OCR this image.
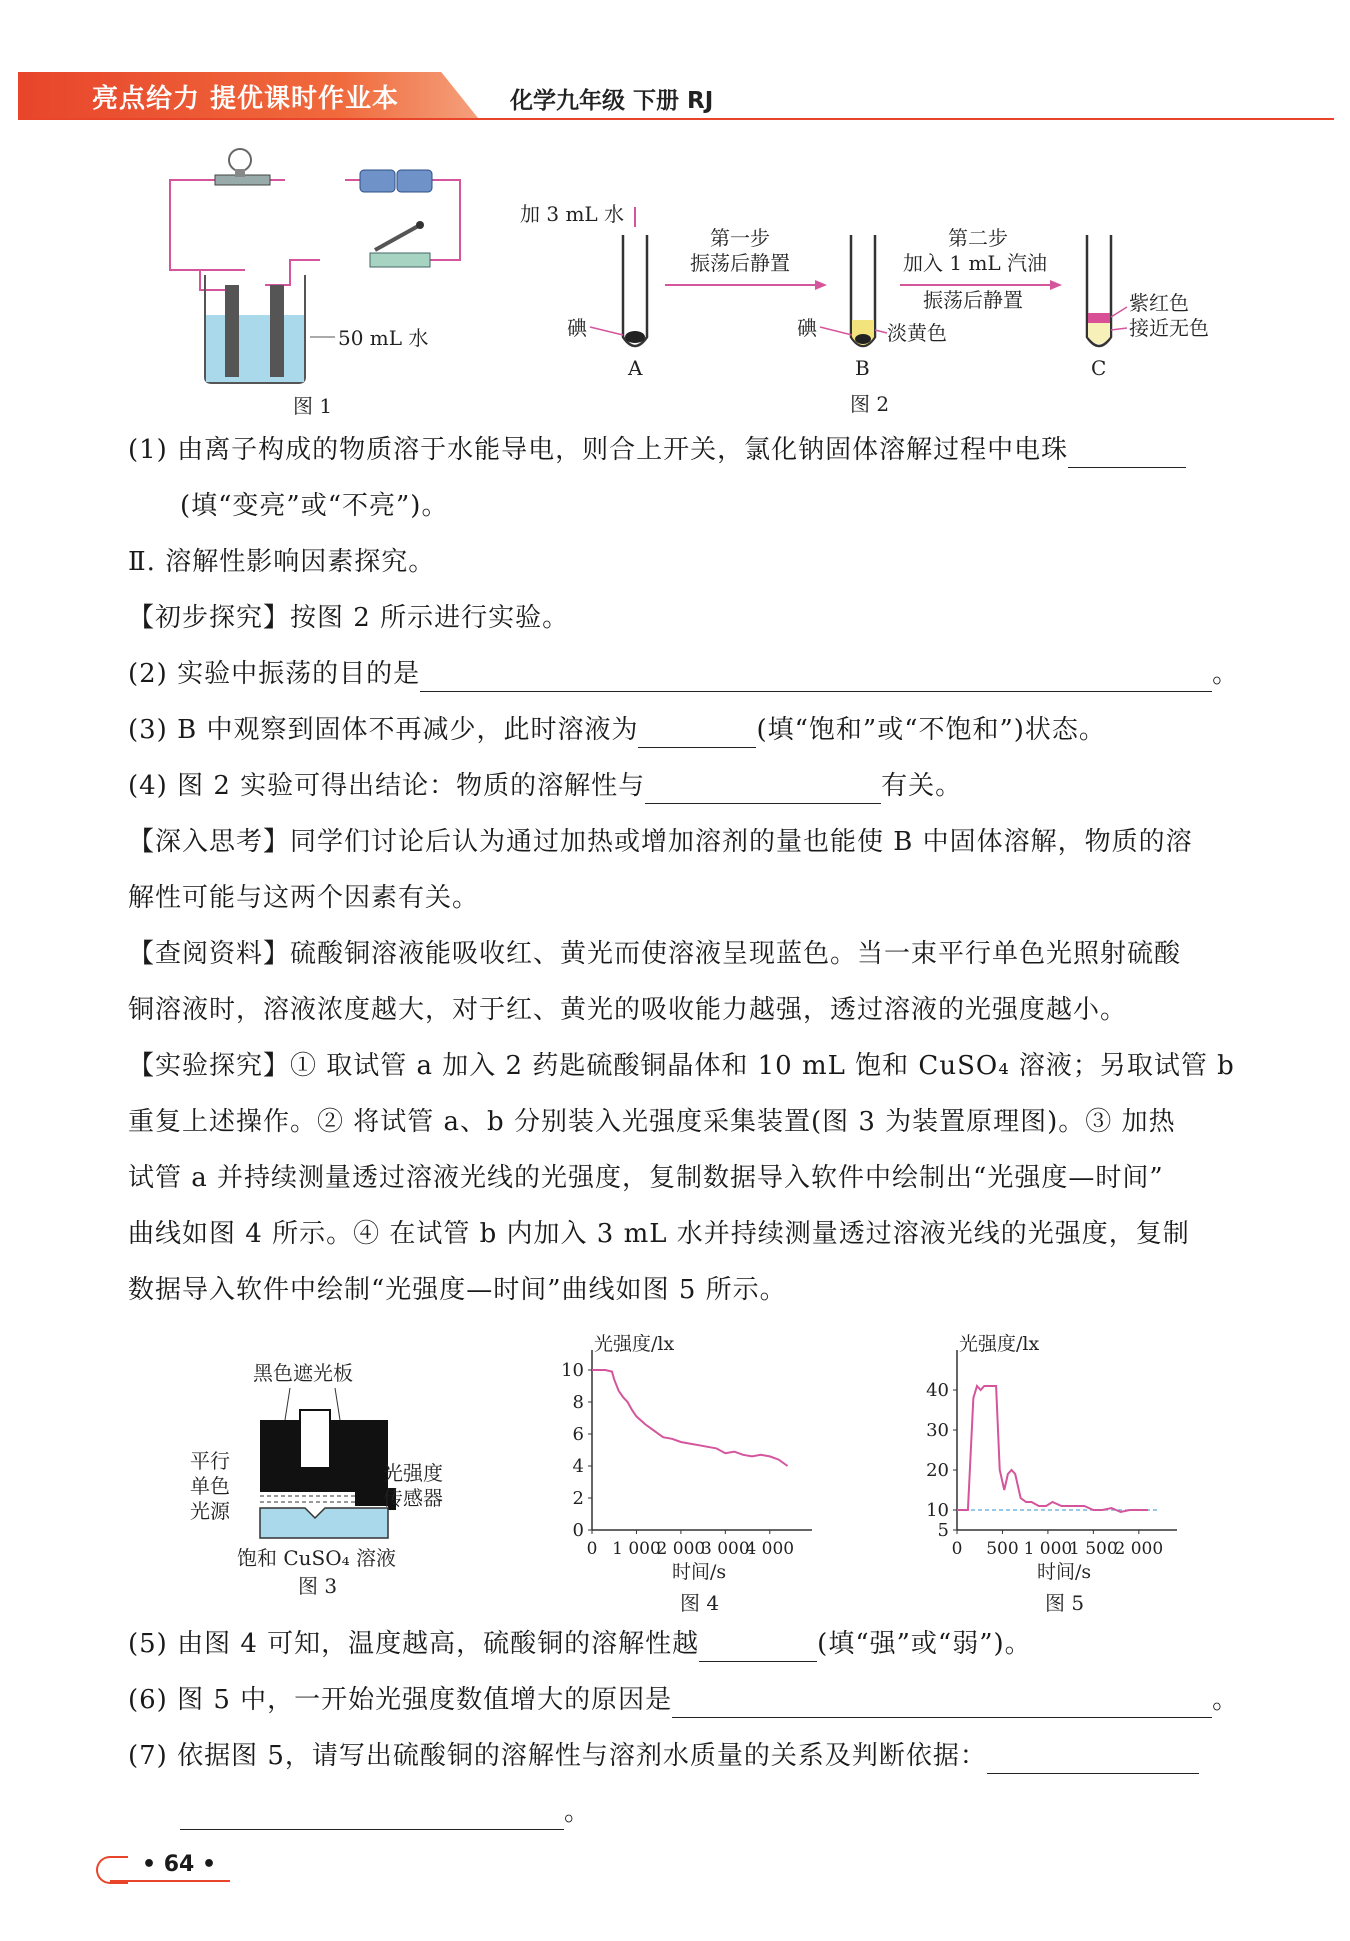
亮点给力 提优课时作业本	化学九年级 下册 RJ
50 mL 水
图 1
加 3 mL 水
碘
A
第一步
振荡后静置
碘	淡黄色
B
第二步
加入 1 mL 汽油
振荡后静置	紫红色
接近无色
C
图 2
(1) 由离子构成的物质溶于水能导电，则合上开关，氯化钠固体溶解过程中电珠
(填“变亮”或“不亮”)。
Ⅱ. 溶解性影响因素探究。
【初步探究】按图 2 所示进行实验。
(2) 实验中振荡的目的是	。
(3) B 中观察到固体不再减少，此时溶液为	(填“饱和”或“不饱和”)状态。
(4) 图 2 实验可得出结论：物质的溶解性与	有关。
【深入思考】同学们讨论后认为通过加热或增加溶剂的量也能使 B 中固体溶解，物质的溶
解性可能与这两个因素有关。
【查阅资料】硫酸铜溶液能吸收红、黄光而使溶液呈现蓝色。当一束平行单色光照射硫酸
铜溶液时，溶液浓度越大，对于红、黄光的吸收能力越强，透过溶液的光强度越小。
【实验探究】① 取试管 a 加入 2 药匙硫酸铜晶体和 10 mL 饱和 CuSO₄ 溶液；另取试管 b
重复上述操作。② 将试管 a、b 分别装入光强度采集装置(图 3 为装置原理图)。③ 加热
试管 a 并持续测量透过溶液光线的光强度，复制数据导入软件中绘制出“光强度—时间”
曲线如图 4 所示。④ 在试管 b 内加入 3 mL 水并持续测量透过溶液光线的光强度，复制
数据导入软件中绘制“光强度—时间”曲线如图 5 所示。
黑色遮光板
平行
单色
光源
光强度
传感器
饱和 CuSO₄ 溶液
图 3
光强度/lx
时间/s
10
8
6
4
2
0
0 1 000
2 000
3 000
4 000
图 4
光强度/lx
时间/s
40
30
20
10
5
0 500 1 000
1 500
2 000
图 5
(5) 由图 4 可知，温度越高，硫酸铜的溶解性越	(填“强”或“弱”)。
(6) 图 5 中，一开始光强度数值增大的原因是	。
(7) 依据图 5，请写出硫酸铜的溶解性与溶剂水质量的关系及判断依据：
。
• 64 •
